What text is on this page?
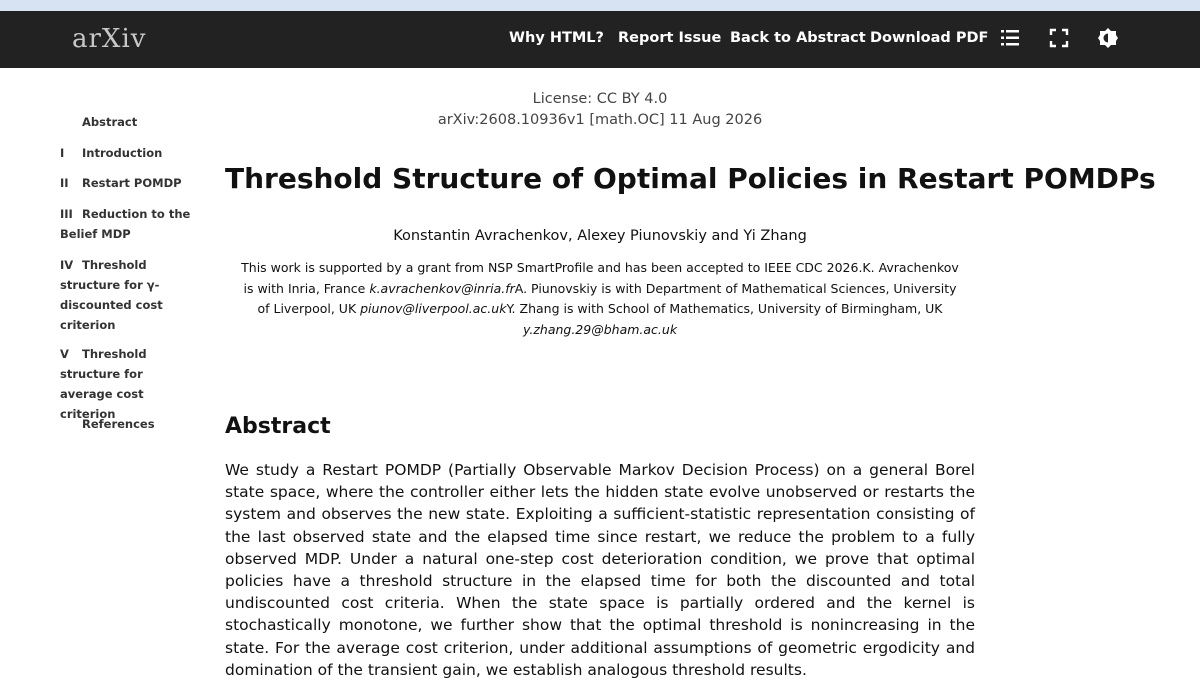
arXiv	Why HTML? Report Issue Back to Abstract Download PDF
Abstract
I Introduction
II Restart POMDP
III Reduction to the Belief MDP
IV Threshold structure for γ-discounted cost criterion
V Threshold structure for average cost criterion
References
License: CC BY 4.0
arXiv:2608.10936v1 [math.OC] 11 Aug 2026
Threshold Structure of Optimal Policies in Restart POMDPs
Konstantin Avrachenkov, Alexey Piunovskiy and Yi Zhang
This work is supported by a grant from NSP SmartProfile and has been accepted to IEEE CDC 2026.K. Avrachenkov is with Inria, France k.avrachenkov@inria.frA. Piunovskiy is with Department of Mathematical Sciences, University of Liverpool, UK piunov@liverpool.ac.ukY. Zhang is with School of Mathematics, University of Birmingham, UK y.zhang.29@bham.ac.uk
Abstract

We study a Restart POMDP (Partially Observable Markov Decision Process) on a general Borel state space, where the controller either lets the hidden state evolve unobserved or restarts the system and observes the new state. Exploiting a sufficient-statistic representation consisting of the last observed state and the elapsed time since restart, we reduce the problem to a fully observed MDP. Under a natural one-step cost deterioration condition, we prove that optimal policies have a threshold structure in the elapsed time for both the discounted and total undiscounted cost criteria. When the state space is partially ordered and the kernel is stochastically monotone, we further show that the optimal threshold is nonincreasing in the state. For the average cost criterion, under additional assumptions of geometric ergodicity and domination of the transient gain, we establish analogous threshold results.
